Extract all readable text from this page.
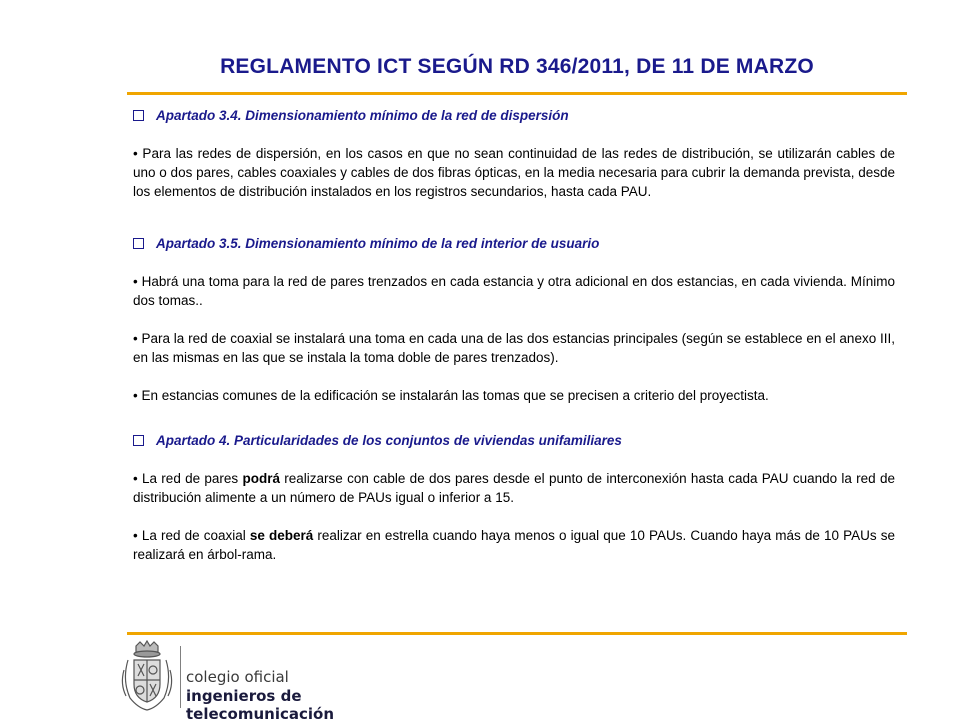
REGLAMENTO ICT SEGÚN RD 346/2011, DE 11 DE MARZO
Apartado 3.4. Dimensionamiento mínimo de la red de dispersión

• Para las redes de dispersión, en los casos en que no sean continuidad de las redes de distribución, se utilizarán cables de uno o dos pares, cables coaxiales y cables de dos fibras ópticas, en la media necesaria para cubrir la demanda prevista, desde los elementos de distribución instalados en los registros secundarios, hasta cada PAU.

Apartado 3.5. Dimensionamiento mínimo de la red interior de usuario

• Habrá una toma para la red de pares trenzados en cada estancia y otra adicional en dos estancias, en cada vivienda. Mínimo dos tomas..

• Para la red de coaxial se instalará una toma en cada una de las dos estancias principales (según se establece en el anexo III, en las mismas en las que se instala la toma doble de pares trenzados).

• En estancias comunes de la edificación se instalarán las tomas que se precisen a criterio del proyectista.

Apartado 4. Particularidades de los conjuntos de viviendas unifamiliares

• La red de pares podrá realizarse con cable de dos pares desde el punto de interconexión hasta cada PAU cuando la red de distribución alimente a un número de PAUs igual o inferior a 15.

• La red de coaxial se deberá realizar en estrella cuando haya menos o igual que 10 PAUs. Cuando haya más de 10 PAUs se realizará en árbol-rama.

colegio oficial
ingenieros de telecomunicación
